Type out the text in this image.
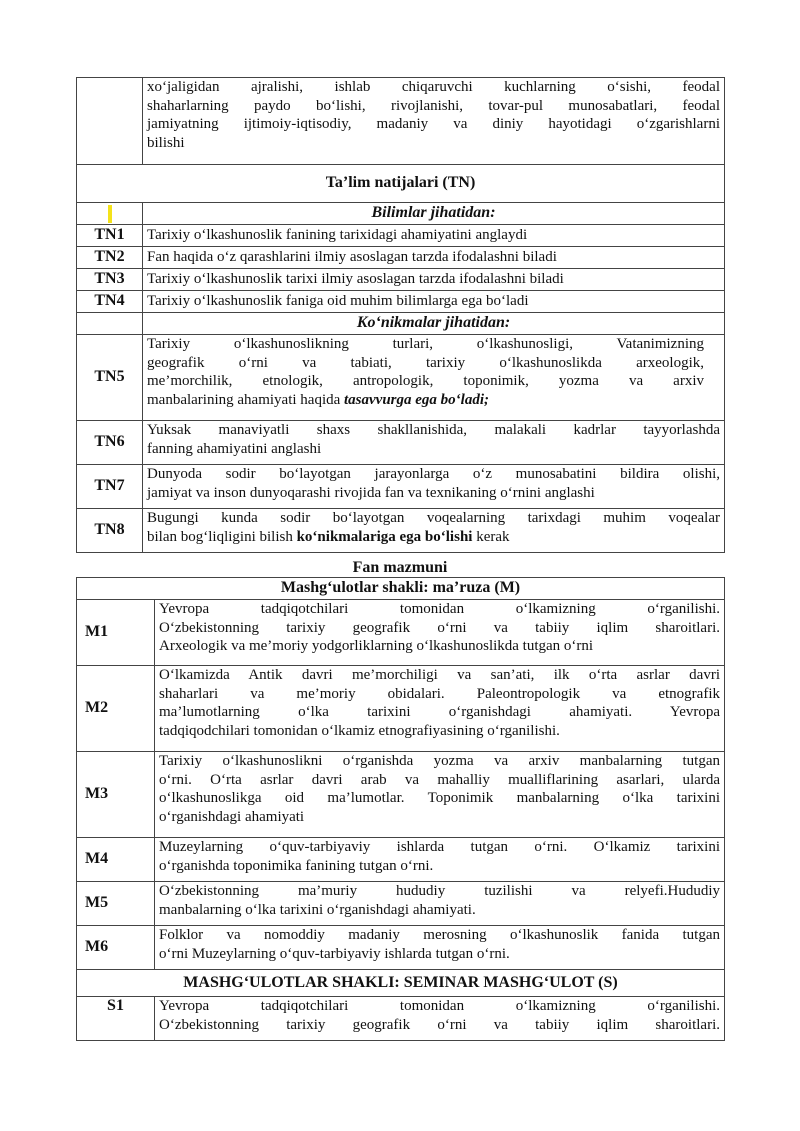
	xo‘jaligidan ajralishi, ishlab chiqaruvchi kuchlarning o‘sishi, feodal
shaharlarning paydo bo‘lishi, rivojlanishi, tovar-pul munosabatlari, feodal
jamiyatning ijtimoiy-iqtisodiy, madaniy va diniy hayotidagi o‘zgarishlarni
bilishi

Ta’lim natijalari (TN)	
	Bilimlar jihatidan:
TN1	Tarixiy o‘lkashunoslik fanining tarixidagi ahamiyatini anglaydi
TN2	Fan haqida o‘z qarashlarini ilmiy asoslagan tarzda ifodalashni biladi
TN3	Tarixiy o‘lkashunoslik tarixi ilmiy asoslagan tarzda ifodalashni biladi
TN4	Tarixiy o‘lkashunoslik faniga oid muhim bilimlarga ega bo‘ladi
	Ko‘nikmalar jihatidan:
TN5	Tarixiy o‘lkashunoslikning turlari, o‘lkashunosligi, Vatanimizning
geografik o‘rni va tabiati, tarixiy o‘lkashunoslikda arxeologik,
me’morchilik, etnologik, antropologik, toponimik, yozma va arxiv
manbalarining ahamiyati haqida tasavvurga ega bo‘ladi;

TN6	Yuksak manaviyatli shaxs shakllanishida, malakali kadrlar tayyorlashda
fanning ahamiyatini anglashi

TN7	Dunyoda sodir bo‘layotgan jarayonlarga o‘z munosabatini bildira olishi,
jamiyat va inson dunyoqarashi rivojida fan va texnikaning o‘rnini anglashi

TN8	Bugungi kunda sodir bo‘layotgan voqealarning tarixdagi muhim voqealar
bilan bog‘liqligini bilish ko‘nikmalariga ega bo‘lishi kerak
Fan mazmuni
Mashg‘ulotlar shakli: ma’ruza (M)	
M1	Yevropa tadqiqotchilari tomonidan o‘lkamizning o‘rganilishi.
O‘zbekistonning tarixiy geografik o‘rni va tabiiy iqlim sharoitlari.
Arxeologik va me’moriy yodgorliklarning o‘lkashunoslikda tutgan o‘rni

M2	O‘lkamizda Antik davri me’morchiligi va san’ati, ilk o‘rta asrlar davri
shaharlari va me’moriy obidalari. Paleontropologik va etnografik
ma’lumotlarning o‘lka tarixini o‘rganishdagi ahamiyati. Yevropa
tadqiqodchilari tomonidan o‘lkamiz etnografiyasining o‘rganilishi.

M3	Tarixiy o‘lkashunoslikni o‘rganishda yozma va arxiv manbalarning tutgan
o‘rni. O‘rta asrlar davri arab va mahalliy mualliflarining asarlari, ularda
o‘lkashunoslikga oid ma’lumotlar. Toponimik manbalarning o‘lka tarixini
o‘rganishdagi ahamiyati

M4	Muzeylarning o‘quv-tarbiyaviy ishlarda tutgan o‘rni. O‘lkamiz tarixini
o‘rganishda toponimika fanining tutgan o‘rni.

M5	O‘zbekistonning ma’muriy hududiy tuzilishi va relyefi.Hududiy
manbalarning o‘lka tarixini o‘rganishdagi ahamiyati.

M6	Folklor va nomoddiy madaniy merosning o‘lkashunoslik fanida tutgan
o‘rni Muzeylarning o‘quv-tarbiyaviy ishlarda tutgan o‘rni.

MASHG‘ULOTLAR SHAKLI: SEMINAR MASHG‘ULOT (S)	
S1	Yevropa tadqiqotchilari tomonidan o‘lkamizning o‘rganilishi.
O‘zbekistonning tarixiy geografik o‘rni va tabiiy iqlim sharoitlari.
